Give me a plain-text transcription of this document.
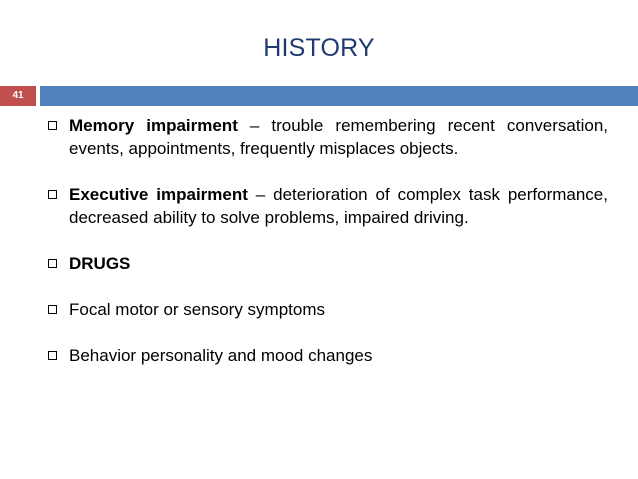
HISTORY
41
Memory impairment – trouble remembering recent conversation, events, appointments, frequently misplaces objects.
Executive impairment – deterioration of complex task performance, decreased ability to solve problems, impaired driving.
DRUGS
Focal motor or sensory symptoms
Behavior personality and mood changes
